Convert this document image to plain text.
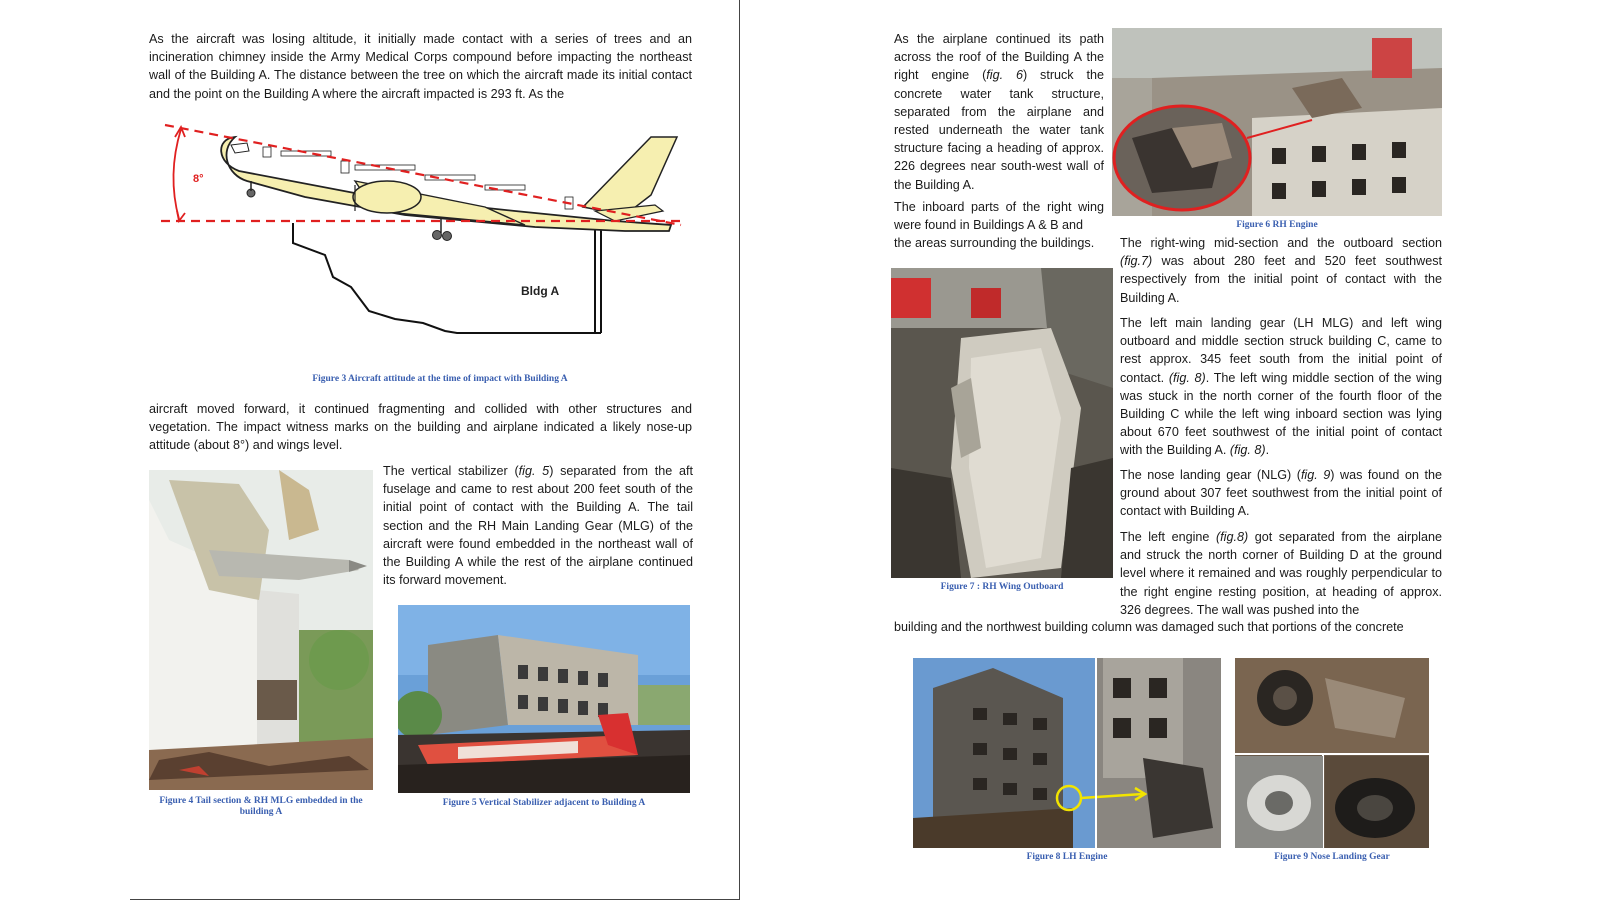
As the aircraft was losing altitude, it initially made contact with a series of trees and an incineration chimney inside the Army Medical Corps compound before impacting the northeast wall of the Building A. The distance between the tree on which the aircraft made its initial contact and the point on the Building A where the aircraft impacted is 293 ft. As the

8°
Bldg A

Figure 3 Aircraft attitude at the time of impact with Building A

aircraft moved forward, it continued fragmenting and collided with other structures and vegetation. The impact witness marks on the building and airplane indicated a likely nose-up attitude (about 8°) and wings level.

Figure 4 Tail section & RH MLG embedded in the building A

The vertical stabilizer (fig. 5) separated from the aft fuselage and came to rest about 200 feet south of the initial point of contact with the Building A. The tail section and the RH Main Landing Gear (MLG) of the aircraft were found embedded in the northeast wall of the Building A while the rest of the airplane continued its forward movement.

Figure 5 Vertical Stabilizer adjacent to Building A

As the airplane continued its path across the roof of the Building A the right engine (fig. 6) struck the concrete water tank structure, separated from the airplane and rested underneath the water tank structure facing a heading of approx. 226 degrees near south-west wall of the Building A.

Figure 6 RH Engine

The inboard parts of the right wing were found in Buildings A & B and

the areas surrounding the buildings.

Figure 7 : RH Wing Outboard

The right-wing mid-section and the outboard section (fig.7) was about 280 feet and 520 feet southwest respectively from the initial point of contact with the Building A.

The left main landing gear (LH MLG) and left wing outboard and middle section struck building C, came to rest approx. 345 feet south from the initial point of contact. (fig. 8). The left wing middle section of the wing was stuck in the north corner of the fourth floor of the Building C while the left wing inboard section was lying about 670 feet southwest of the initial point of contact with the Building A. (fig. 8).

The nose landing gear (NLG) (fig. 9) was found on the ground about 307 feet southwest from the initial point of contact with Building A.

The left engine (fig.8) got separated from the airplane and struck the north corner of Building D at the ground level where it remained and was roughly perpendicular to the right engine resting position, at heading of approx. 326 degrees. The wall was pushed into the

building and the northwest building column was damaged such that portions of the concrete

Figure 8 LH Engine	Figure 9 Nose Landing Gear
